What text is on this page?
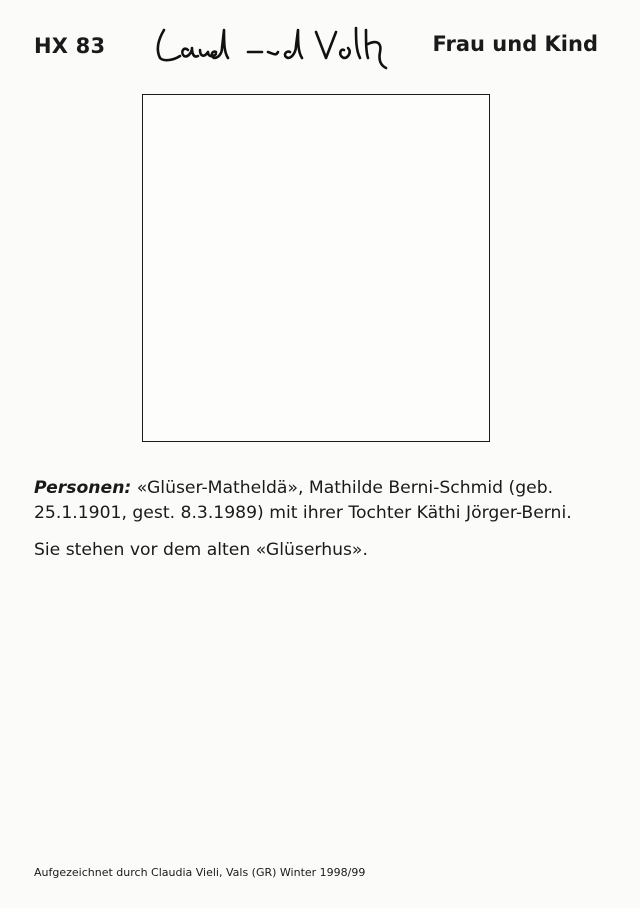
HX 83	Frau und Kind

Personen: «Glüser-Matheldä», Mathilde Berni-Schmid (geb. 25.1.1901, gest. 8.3.1989) mit ihrer Tochter Käthi Jörger-Berni.

Sie stehen vor dem alten «Glüserhus».

Aufgezeichnet durch Claudia Vieli, Vals (GR) Winter 1998/99
